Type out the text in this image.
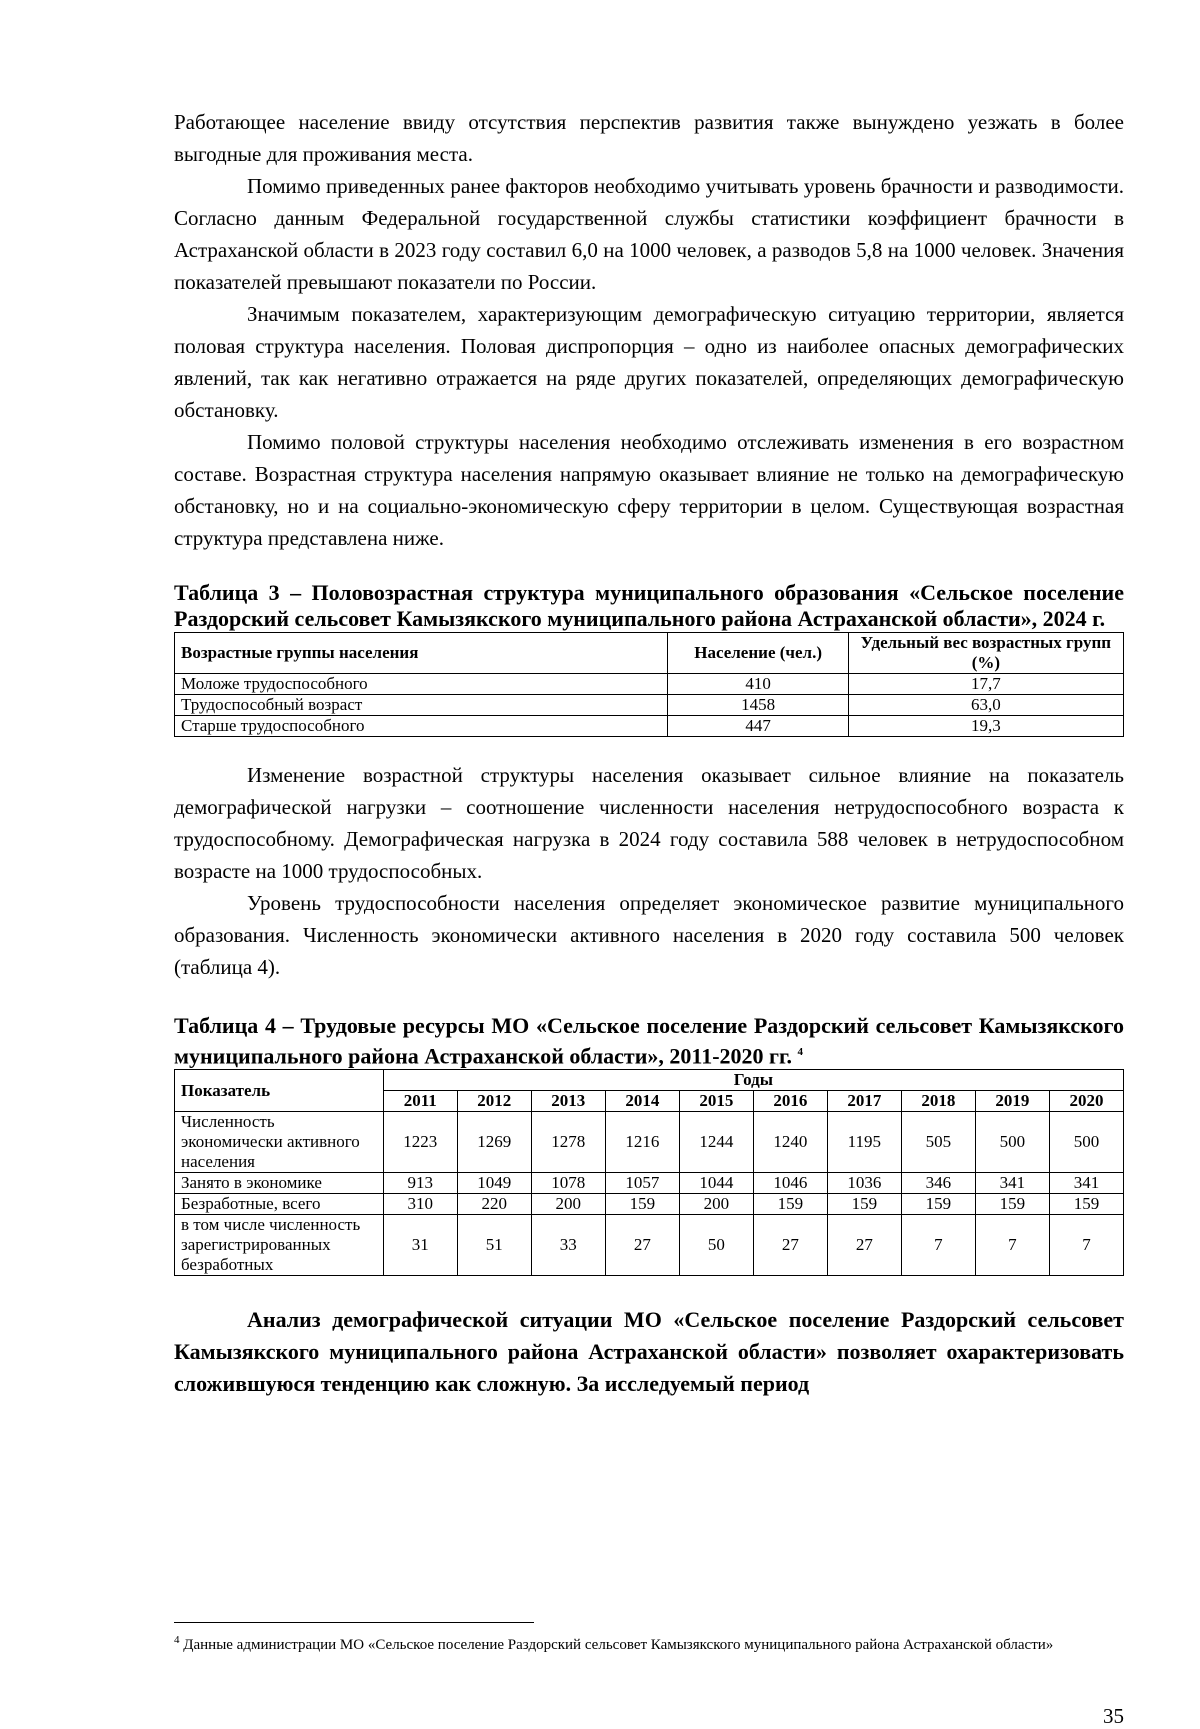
Работающее население ввиду отсутствия перспектив развития также вынуждено уезжать в более выгодные для проживания места.

Помимо приведенных ранее факторов необходимо учитывать уровень брачности и разводимости. Согласно данным Федеральной государственной службы статистики коэффициент брачности в Астраханской области в 2023 году составил 6,0 на 1000 человек, а разводов 5,8 на 1000 человек. Значения показателей превышают показатели по России.

Значимым показателем, характеризующим демографическую ситуацию территории, является половая структура населения. Половая диспропорция – одно из наиболее опасных демографических явлений, так как негативно отражается на ряде других показателей, определяющих демографическую обстановку.

Помимо половой структуры населения необходимо отслеживать изменения в его возрастном составе. Возрастная структура населения напрямую оказывает влияние не только на демографическую обстановку, но и на социально-экономическую сферу территории в целом. Существующая возрастная структура представлена ниже.

Таблица 3 – Половозрастная структура муниципального образования «Сельское поселение Раздорский сельсовет Камызякского муниципального района Астраханской области», 2024 г.

Возрастные группы населения	Население (чел.)	Удельный вес возрастных групп (%)
Моложе трудоспособного	410	17,7
Трудоспособный возраст	1458	63,0
Старше трудоспособного	447	19,3

Изменение возрастной структуры населения оказывает сильное влияние на показатель демографической нагрузки – соотношение численности населения нетрудоспособного возраста к трудоспособному. Демографическая нагрузка в 2024 году составила 588 человек в нетрудоспособном возрасте на 1000 трудоспособных.

Уровень трудоспособности населения определяет экономическое развитие муниципального образования. Численность экономически активного населения в 2020 году составила 500 человек (таблица 4).

Таблица 4 – Трудовые ресурсы МО «Сельское поселение Раздорский сельсовет Камызякского муниципального района Астраханской области», 2011-2020 гг. $^4$

Показатель	Годы									
	2011	2012	2013	2014	2015	2016	2017	2018	2019	2020
Численность экономически активного населения	1223	1269	1278	1216	1244	1240	1195	505	500	500
Занято в экономике	913	1049	1078	1057	1044	1046	1036	346	341	341
Безработные, всего	310	220	200	159	200	159	159	159	159	159
в том числе численность зарегистрированных безработных	31	51	33	27	50	27	27	7	7	7

Анализ демографической ситуации МО «Сельское поселение Раздорский сельсовет Камызякского муниципального района Астраханской области» позволяет охарактеризовать сложившуюся тенденцию как сложную. За исследуемый период

$^4$ Данные администрации МО «Сельское поселение Раздорский сельсовет Камызякского муниципального района Астраханской области»
35
